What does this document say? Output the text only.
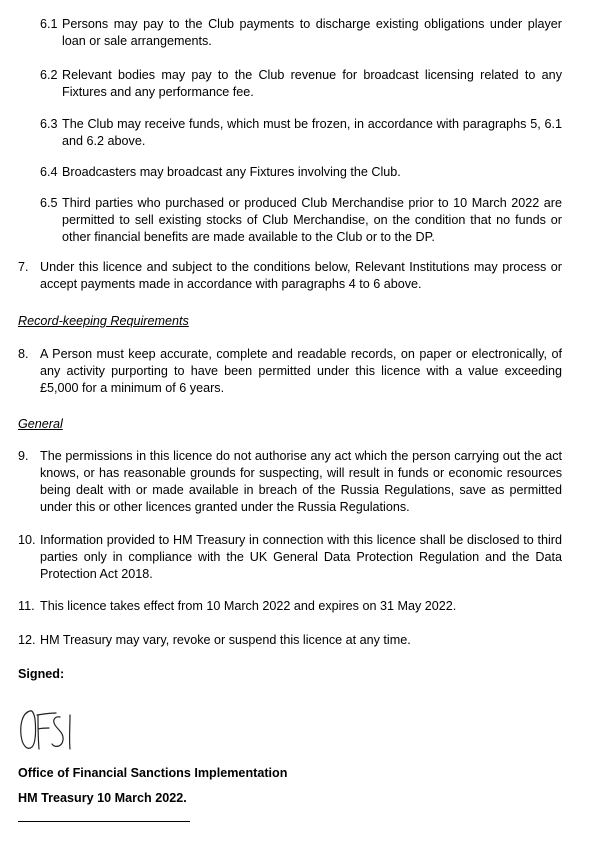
6.1 Persons may pay to the Club payments to discharge existing obligations under player loan or sale arrangements.
6.2 Relevant bodies may pay to the Club revenue for broadcast licensing related to any Fixtures and any performance fee.
6.3 The Club may receive funds, which must be frozen, in accordance with paragraphs 5, 6.1 and 6.2 above.
6.4 Broadcasters may broadcast any Fixtures involving the Club.
6.5 Third parties who purchased or produced Club Merchandise prior to 10 March 2022 are permitted to sell existing stocks of Club Merchandise, on the condition that no funds or other financial benefits are made available to the Club or to the DP.
7. Under this licence and subject to the conditions below, Relevant Institutions may process or accept payments made in accordance with paragraphs 4 to 6 above.
Record-keeping Requirements
8. A Person must keep accurate, complete and readable records, on paper or electronically, of any activity purporting to have been permitted under this licence with a value exceeding £5,000 for a minimum of 6 years.
General
9. The permissions in this licence do not authorise any act which the person carrying out the act knows, or has reasonable grounds for suspecting, will result in funds or economic resources being dealt with or made available in breach of the Russia Regulations, save as permitted under this or other licences granted under the Russia Regulations.
10. Information provided to HM Treasury in connection with this licence shall be disclosed to third parties only in compliance with the UK General Data Protection Regulation and the Data Protection Act 2018.
11. This licence takes effect from 10 March 2022 and expires on 31 May 2022.
12. HM Treasury may vary, revoke or suspend this licence at any time.
Signed:
Office of Financial Sanctions Implementation
HM Treasury 10 March 2022.
